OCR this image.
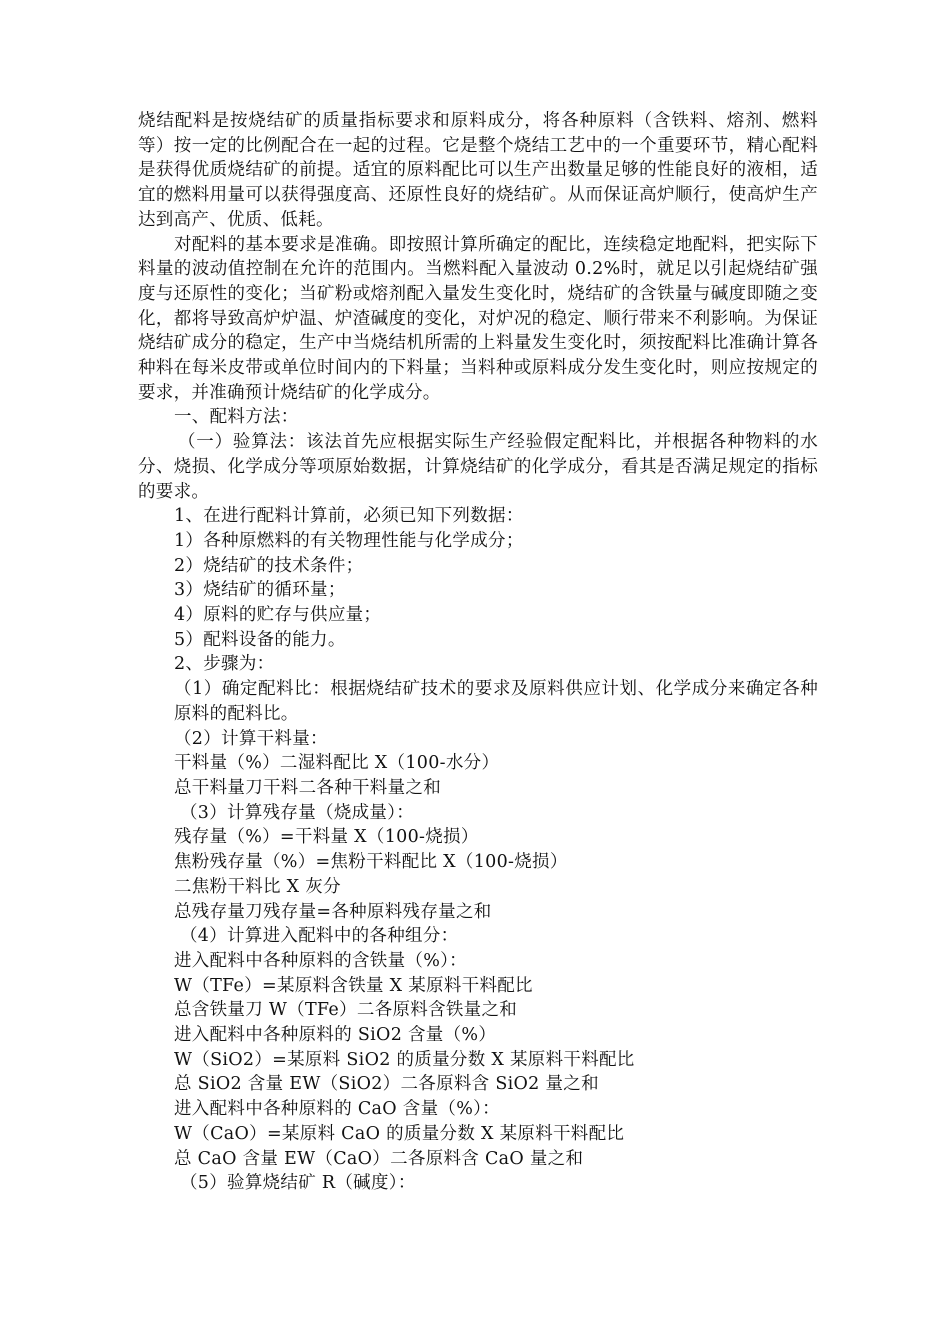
烧结配料是按烧结矿的质量指标要求和原料成分，将各种原料（含铁料、熔剂、燃料等）按一定的比例配合在一起的过程。它是整个烧结工艺中的一个重要环节，精心配料是获得优质烧结矿的前提。适宜的原料配比可以生产出数量足够的性能良好的液相，适宜的燃料用量可以获得强度高、还原性良好的烧结矿。从而保证高炉顺行，使高炉生产达到高产、优质、低耗。

对配料的基本要求是准确。即按照计算所确定的配比，连续稳定地配料，把实际下料量的波动值控制在允许的范围内。当燃料配入量波动 0.2%时，就足以引起烧结矿强度与还原性的变化；当矿粉或熔剂配入量发生变化时，烧结矿的含铁量与碱度即随之变化，都将导致高炉炉温、炉渣碱度的变化，对炉况的稳定、顺行带来不利影响。为保证烧结矿成分的稳定，生产中当烧结机所需的上料量发生变化时，须按配料比准确计算各种料在每米皮带或单位时间内的下料量；当料种或原料成分发生变化时，则应按规定的要求，并准确预计烧结矿的化学成分。

一、配料方法：

（一）验算法：该法首先应根据实际生产经验假定配料比，并根据各种物料的水分、烧损、化学成分等项原始数据，计算烧结矿的化学成分，看其是否满足规定的指标的要求。

1、在进行配料计算前，必须已知下列数据：

1）各种原燃料的有关物理性能与化学成分；

2）烧结矿的技术条件；

3）烧结矿的循环量；

4）原料的贮存与供应量；

5）配料设备的能力。

2、步骤为：

（1）确定配料比：根据烧结矿技术的要求及原料供应计划、化学成分来确定各种原料的配料比。

（2）计算干料量：

干料量（%）二湿料配比 X（100-水分）

总干料量刀干料二各种干料量之和

（3）计算残存量（烧成量）：

残存量（%）=干料量 X（100-烧损）

焦粉残存量（%）=焦粉干料配比 X（100-烧损）

二焦粉干料比 X 灰分

总残存量刀残存量=各种原料残存量之和

（4）计算进入配料中的各种组分：

进入配料中各种原料的含铁量（%）：

W（TFe）=某原料含铁量 X 某原料干料配比

总含铁量刀 W（TFe）二各原料含铁量之和

进入配料中各种原料的 SiO2 含量（%）

W（SiO2）=某原料 SiO2 的质量分数 X 某原料干料配比

总 SiO2 含量 EW（SiO2）二各原料含 SiO2 量之和

进入配料中各种原料的 CaO 含量（%）：

W（CaO）=某原料 CaO 的质量分数 X 某原料干料配比

总 CaO 含量 EW（CaO）二各原料含 CaO 量之和

（5）验算烧结矿 R（碱度）：
